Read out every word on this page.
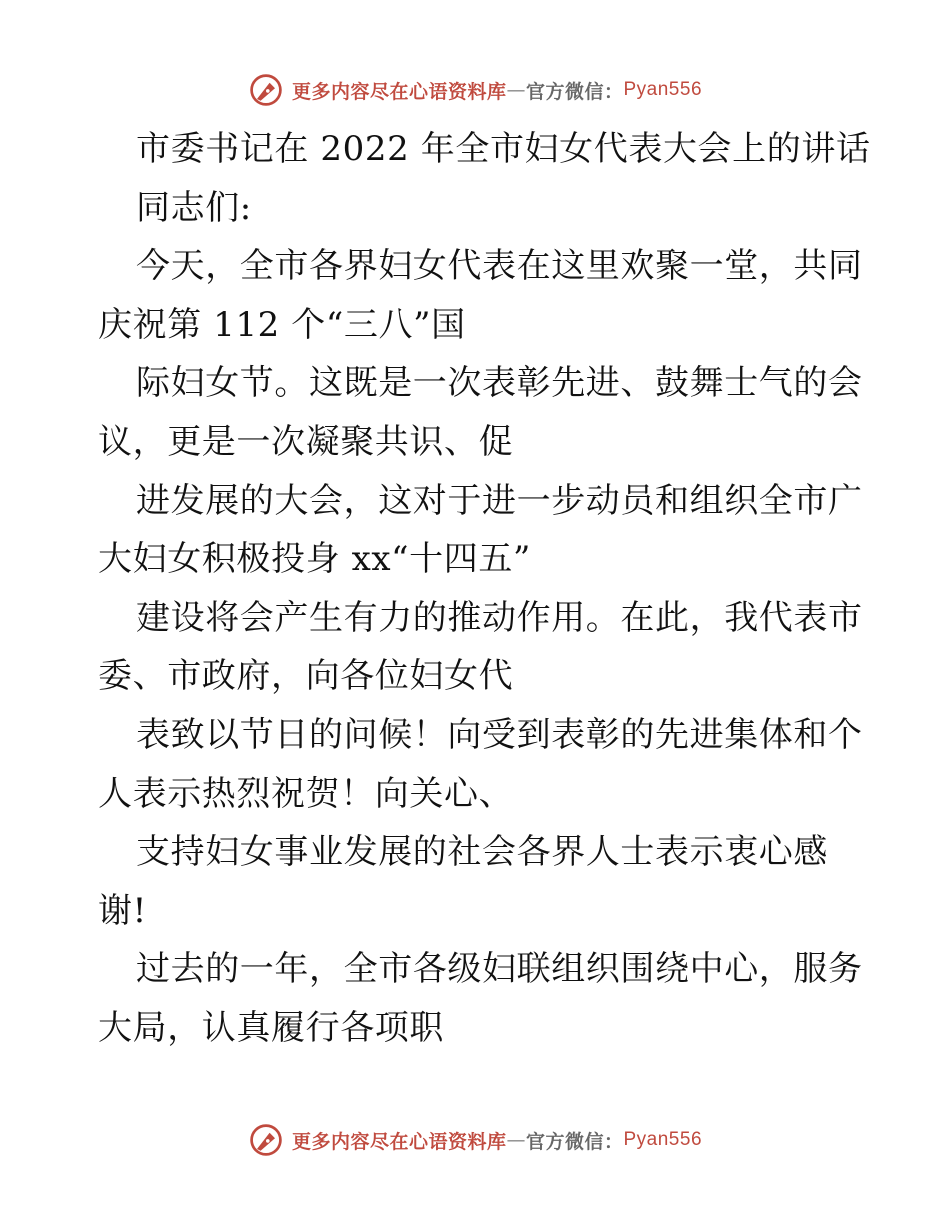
更多内容尽在心语资料库 — 官方微信： Pyan556
市委书记在 2022 年全市妇女代表大会上的讲话
同志们:
今天，全市各界妇女代表在这里欢聚一堂，共同
庆祝第 112 个“三八”国
际妇女节。这既是一次表彰先进、鼓舞士气的会
议，更是一次凝聚共识、促
进发展的大会，这对于进一步动员和组织全市广
大妇女积极投身 xx“十四五”
建设将会产生有力的推动作用。在此，我代表市
委、市政府，向各位妇女代
表致以节日的问候！向受到表彰的先进集体和个
人表示热烈祝贺！向关心、
支持妇女事业发展的社会各界人士表示衷心感
谢!
过去的一年，全市各级妇联组织围绕中心，服务
大局，认真履行各项职
更多内容尽在心语资料库 — 官方微信： Pyan556
